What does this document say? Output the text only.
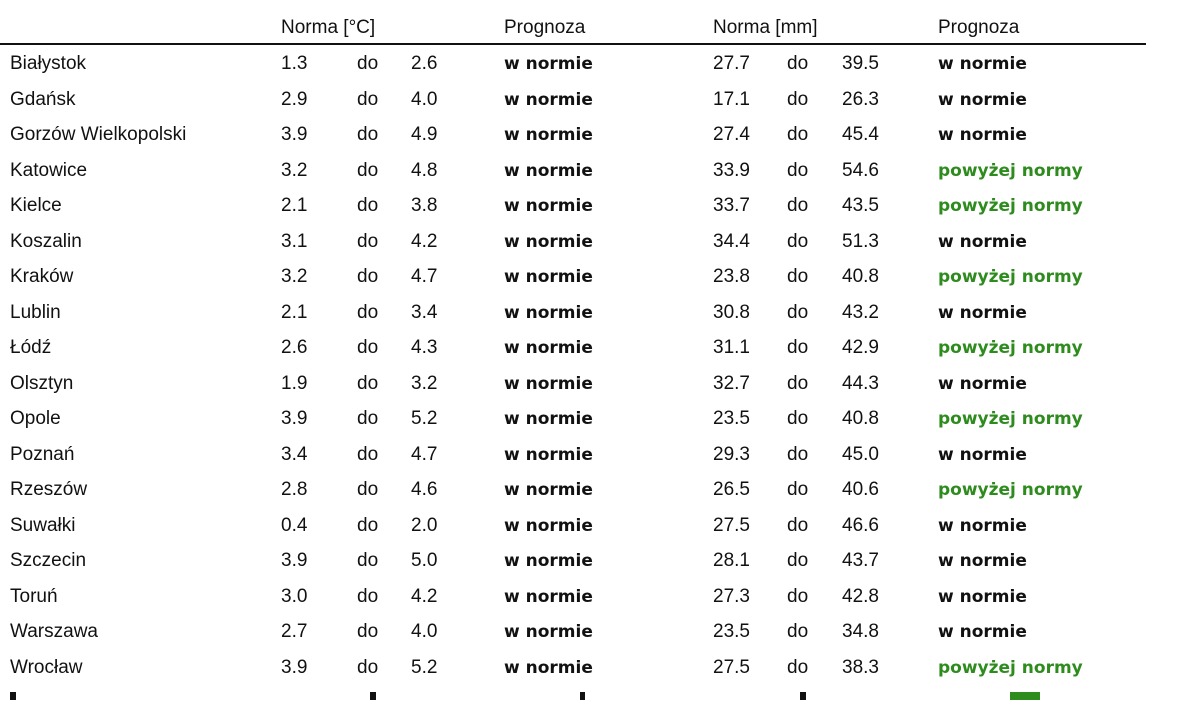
Norma [°C]	Prognoza	Norma [mm]	Prognoza
Białystok	1.3	do 2.6	w normie	27.7 do 39.5	w normie
Gdańsk	2.9	do 4.0	w normie	17.1 do 26.3	w normie
Gorzów Wielkopolski	3.9	do 4.9	w normie	27.4 do 45.4	w normie
Katowice	3.2	do 4.8	w normie	33.9 do 54.6	powyżej normy
Kielce	2.1	do 3.8	w normie	33.7 do 43.5	powyżej normy
Koszalin	3.1	do 4.2	w normie	34.4 do 51.3	w normie
Kraków	3.2	do 4.7	w normie	23.8 do 40.8	powyżej normy
Lublin	2.1	do 3.4	w normie	30.8 do 43.2	w normie
Łódź	2.6	do 4.3	w normie	31.1 do 42.9	powyżej normy
Olsztyn	1.9	do 3.2	w normie	32.7 do 44.3	w normie
Opole	3.9	do 5.2	w normie	23.5 do 40.8	powyżej normy
Poznań	3.4	do 4.7	w normie	29.3 do 45.0	w normie
Rzeszów	2.8	do 4.6	w normie	26.5 do 40.6	powyżej normy
Suwałki	0.4	do 2.0	w normie	27.5 do 46.6	w normie
Szczecin	3.9	do 5.0	w normie	28.1 do 43.7	w normie
Toruń	3.0	do 4.2	w normie	27.3 do 42.8	w normie
Warszawa	2.7	do 4.0	w normie	23.5 do 34.8	w normie
Wrocław	3.9	do 5.2	w normie	27.5 do 38.3	powyżej normy
